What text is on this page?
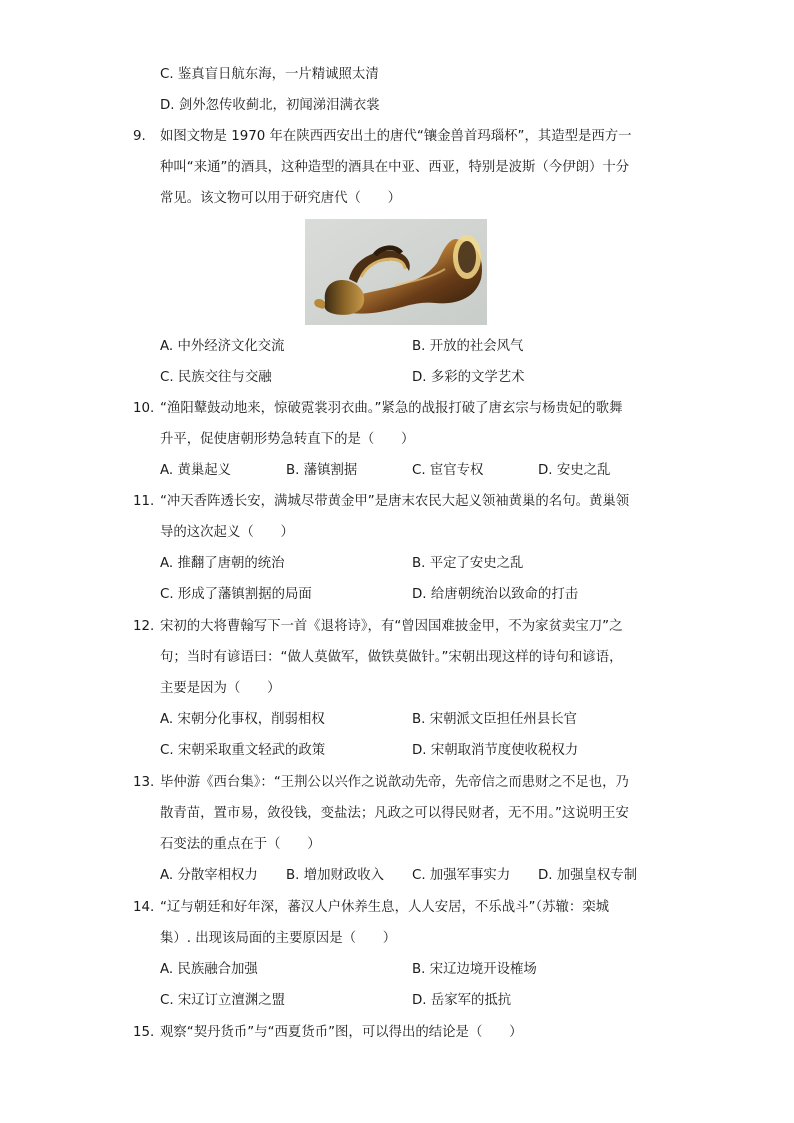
C. 鉴真盲日航东海，一片精诚照太清
D. 剑外忽传收蓟北，初闻涕泪满衣裳
9. 如图文物是 1970 年在陕西西安出土的唐代“镶金兽首玛瑙杯”，其造型是西方一
种叫“来通”的酒具，这种造型的酒具在中亚、西亚，特别是波斯（今伊朗）十分
常见。该文物可以用于研究唐代（　　）
A. 中外经济文化交流	B. 开放的社会风气
C. 民族交往与交融	D. 多彩的文学艺术
10. “渔阳鼙鼓动地来，惊破霓裳羽衣曲。”紧急的战报打破了唐玄宗与杨贵妃的歌舞
升平，促使唐朝形势急转直下的是（　　）
A. 黄巢起义	B. 藩镇割据	C. 宦官专权	D. 安史之乱
11. “冲天香阵透长安，满城尽带黄金甲”是唐末农民大起义领袖黄巢的名句。黄巢领
导的这次起义（　　）
A. 推翻了唐朝的统治	B. 平定了安史之乱
C. 形成了藩镇割据的局面	D. 给唐朝统治以致命的打击
12. 宋初的大将曹翰写下一首《退将诗》，有“曾因国难披金甲，不为家贫卖宝刀”之
句；当时有谚语曰：“做人莫做军，做铁莫做针。”宋朝出现这样的诗句和谚语，
主要是因为（　　）
A. 宋朝分化事权，削弱相权	B. 宋朝派文臣担任州县长官
C. 宋朝采取重文轻武的政策	D. 宋朝取消节度使收税权力
13. 毕仲游《西台集》：“王荆公以兴作之说歆动先帝，先帝信之而患财之不足也，乃
散青苗，置市易，敛役钱，变盐法；凡政之可以得民财者，无不用。”这说明王安
石变法的重点在于（　　）
A. 分散宰相权力 B. 增加财政收入 C. 加强军事实力 D. 加强皇权专制
14. “辽与朝廷和好年深，蕃汉人户休养生息，人人安居，不乐战斗”（苏辙：栾城
集）. 出现该局面的主要原因是（　　）
A. 民族融合加强	B. 宋辽边境开设榷场
C. 宋辽订立澶渊之盟	D. 岳家军的抵抗
15. 观察“契丹货币”与“西夏货币”图，可以得出的结论是（　　）
